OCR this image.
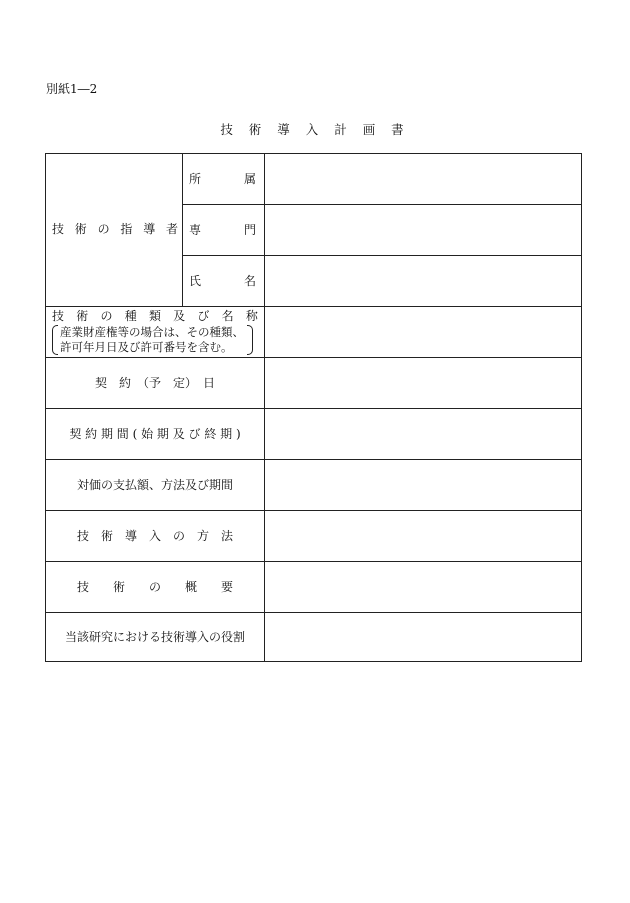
別紙1―2
技 術 導 入 計 画 書
技 術 の 指 導 者
所	属
専	門
氏	名
技 術 の 種 類 及 び 名 称
産業財産権等の場合は、その種類、
許可年月日及び許可番号を含む。
契　約　（予　定）　日
契 約 期 間 ( 始 期 及 び 終 期 )
対価の支払額、方法及び期間
技　術　導　入　の　方　法
技　　術　　の　　概　　要
当該研究における技術導入の役割
